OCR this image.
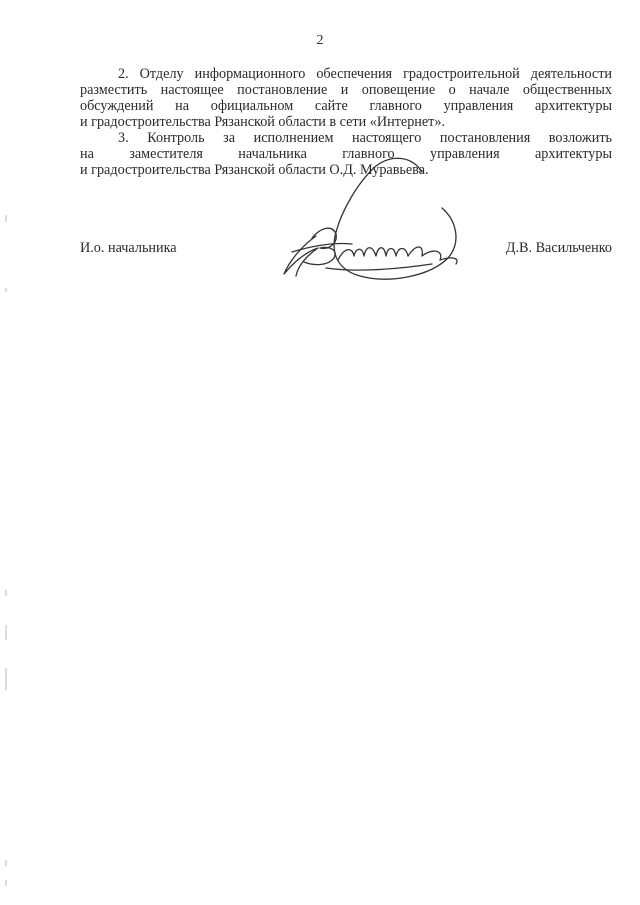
2
2. Отделу информационного обеспечения градостроительной деятельности
разместить настоящее постановление и оповещение о начале общественных
обсуждений на официальном сайте главного управления архитектуры
и градостроительства Рязанской области в сети «Интернет».
3. Контроль за исполнением настоящего постановления возложить
на заместителя начальника главного управления архитектуры
и градостроительства Рязанской области О.Д. Муравьева.
И.о. начальника	Д.В. Васильченко
